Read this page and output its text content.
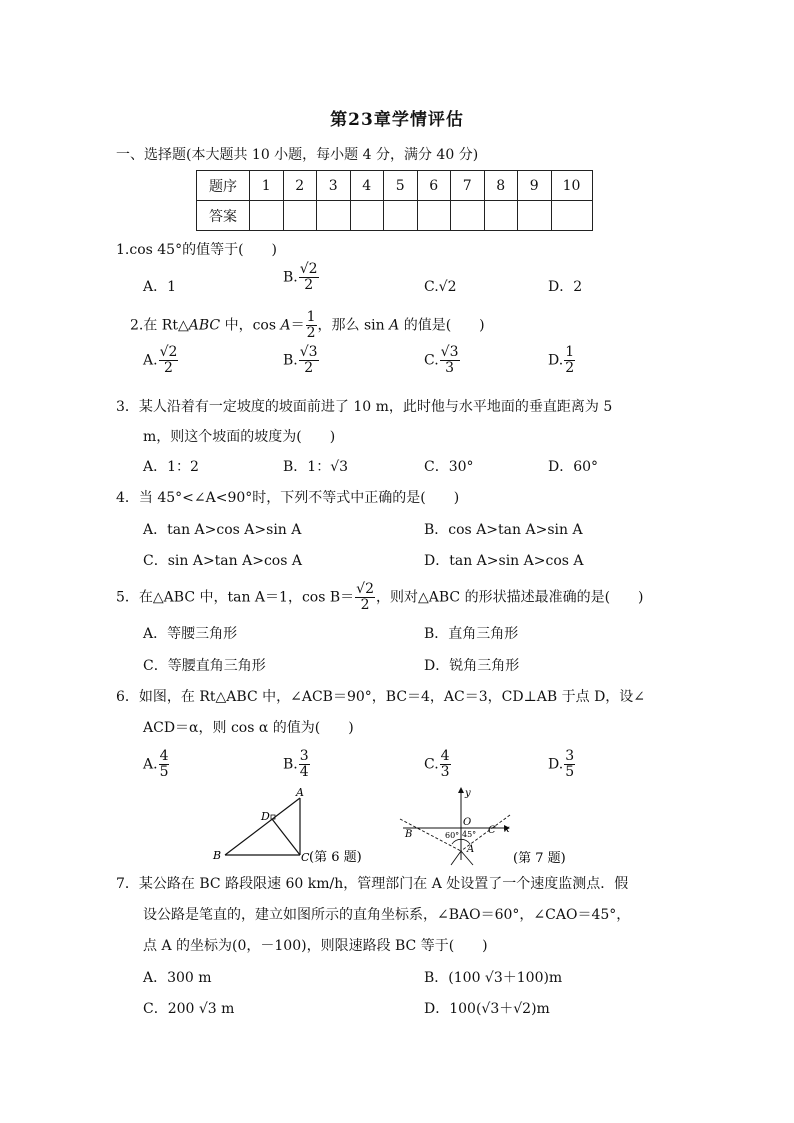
第23章学情评估
一、选择题(本大题共 10 小题，每小题 4 分，满分 40 分)
题序	1	2	3	4	5	6	7	8	9	10
答案										
1.cos 45°的值等于(　　)
A．1
B. $\frac{√2}{2}$	C.√2	D．2
2.在 Rt△ABC 中，$\cos A= \frac{1}{2}$ ，那么 sin A 的值是(　　)
A. $\frac{√2}{2}$	B. $\frac{√3}{2}$	C. $\frac{√3}{3}$	D. $\frac{1}{2}$
3．某人沿着有一定坡度的坡面前进了 10 m，此时他与水平地面的垂直距离为 5
m，则这个坡面的坡度为(　　)
A．1：2	B．1：√3	C．30°	D．60°
4．当 45°<∠A<90°时，下列不等式中正确的是(　　)
A．tan A>cos A>sin A	B．cos A>tan A>sin A
C．sin A>tan A>cos A	D．tan A>sin A>cos A
5．在△ABC 中，tan A＝1，$\cos B= \frac{√2}{2}$ ，则对△ABC 的形状描述最准确的是(　　)
A．等腰三角形	B．直角三角形
C．等腰直角三角形	D．锐角三角形
6．如图，在 Rt△ABC 中，∠ACB＝90°，BC＝4，AC＝3，CD⊥AB 于点 D，设∠
ACD＝α，则 cos α 的值为(　　)
A. $\frac{4}{5}$	B. $\frac{3}{4}$	C. $\frac{4}{3}$	D. $\frac{3}{5}$
A
B	C
D
(第 6 题)
y
x
O
B	C
A
60° 45°
(第 7 题)
7．某公路在 BC 路段限速 60 km/h，管理部门在 A 处设置了一个速度监测点．假
设公路是笔直的，建立如图所示的直角坐标系，∠BAO＝60°，∠CAO＝45°，
点 A 的坐标为(0，－100)，则限速路段 BC 等于(　　)
A．300 m	B．(100 √3＋100)m
C．200 √3 m	D．100(√3＋√2)m
